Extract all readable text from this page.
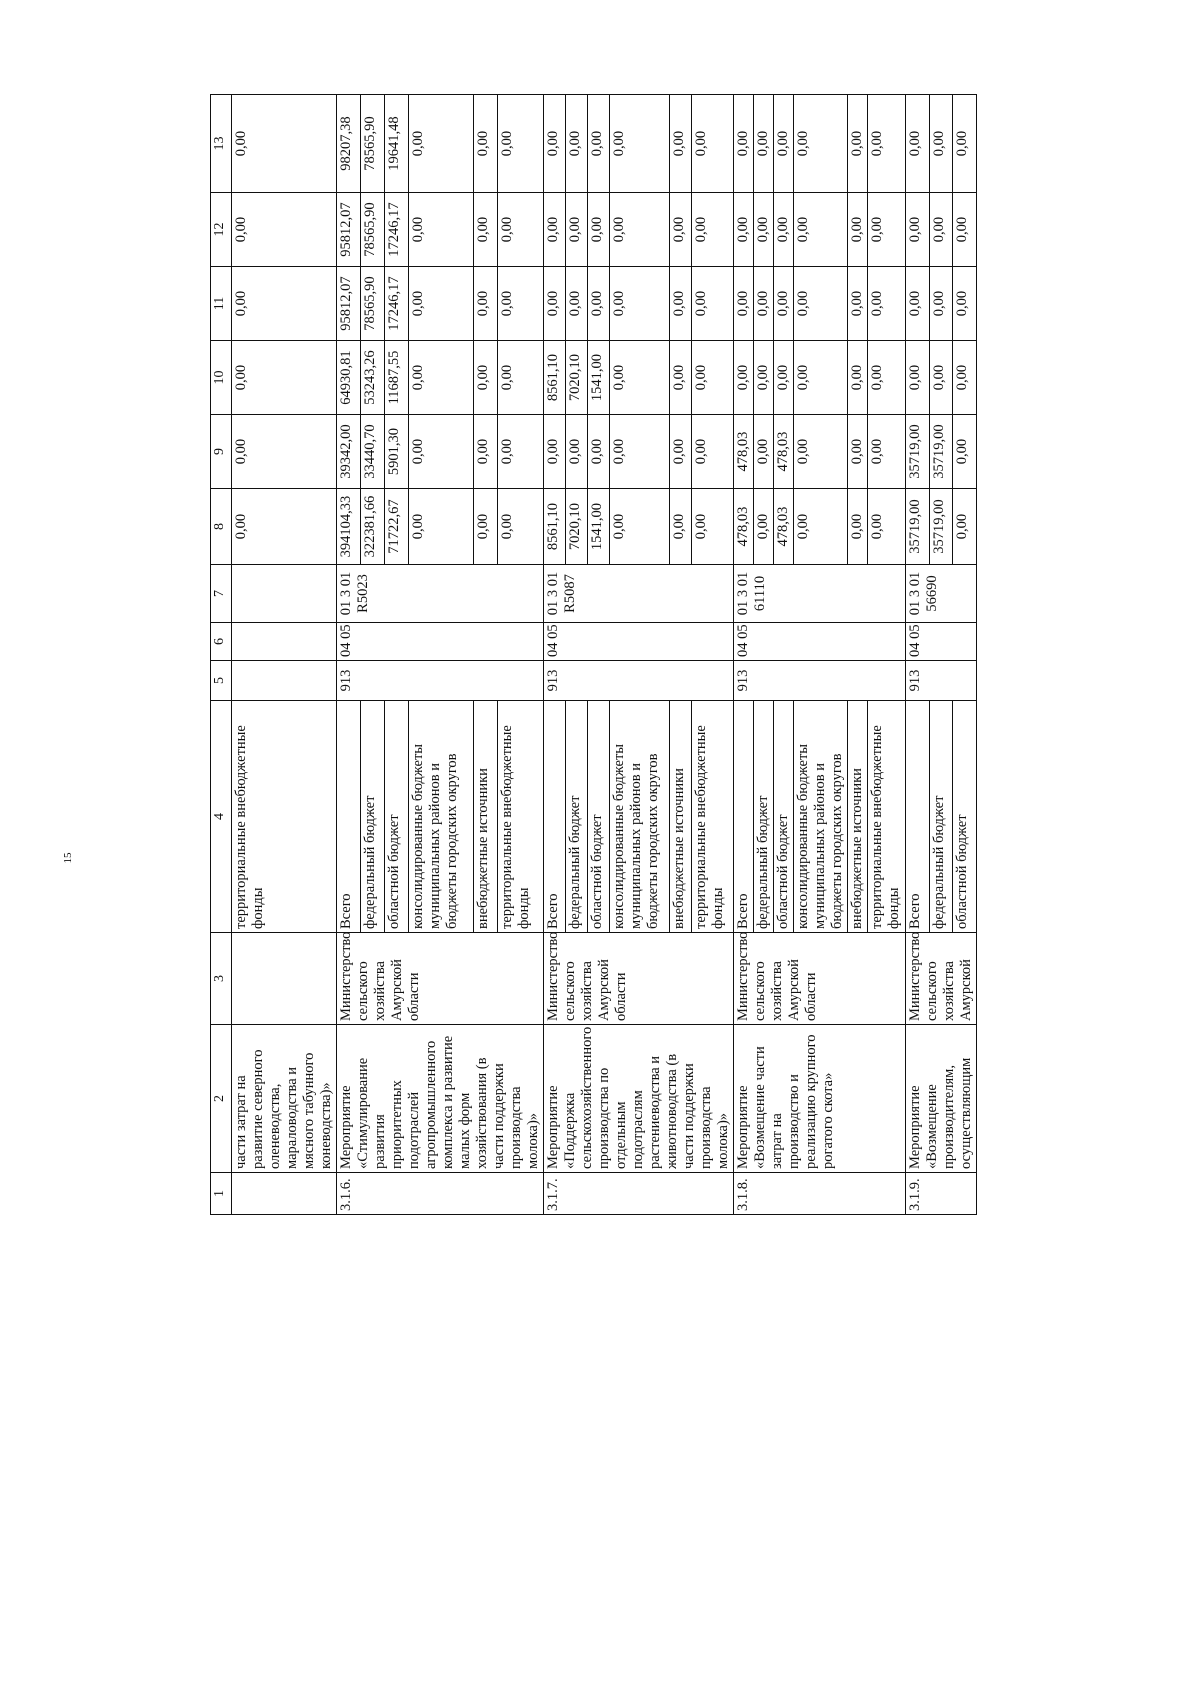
15
1	2	3	4	5	6	7	8	9	10	11	12	13
	части затрат на развитие северного оленеводства, мараловодства и мясного табунного коневодства)»		территориальные внебюджетные фонды				0,00	0,00	0,00	0,00	0,00	0,00
3.1.6.	Мероприятие «Стимулирование развития приоритетных подотраслей агропромышленного комплекса и развитие малых форм хозяйствования (в части поддержки производства молока)»	Министерство сельского хозяйства Амурской области	Всего	913	04 05	01 3 01 R5023	394104,33	39342,00	64930,81	95812,07	95812,07	98207,38
			федеральный бюджет				322381,66	33440,70	53243,26	78565,90	78565,90	78565,90
			областной бюджет				71722,67	5901,30	11687,55	17246,17	17246,17	19641,48
			консолидированные бюджеты муниципальных районов и бюджеты городских округов				0,00	0,00	0,00	0,00	0,00	0,00
			внебюджетные источники				0,00	0,00	0,00	0,00	0,00	0,00
			территориальные внебюджетные фонды				0,00	0,00	0,00	0,00	0,00	0,00
3.1.7.	Мероприятие «Поддержка сельскохозяйственного производства по отдельным подотраслям растениеводства и животноводства (в части поддержки производства молока)»	Министерство сельского хозяйства Амурской области	Всего	913	04 05	01 3 01 R5087	8561,10	0,00	8561,10	0,00	0,00	0,00
			федеральный бюджет				7020,10	0,00	7020,10	0,00	0,00	0,00
			областной бюджет				1541,00	0,00	1541,00	0,00	0,00	0,00
			консолидированные бюджеты муниципальных районов и бюджеты городских округов				0,00	0,00	0,00	0,00	0,00	0,00
			внебюджетные источники				0,00	0,00	0,00	0,00	0,00	0,00
			территориальные внебюджетные фонды				0,00	0,00	0,00	0,00	0,00	0,00
3.1.8.	Мероприятие «Возмещение части затрат на производство и реализацию крупного рогатого скота»	Министерство сельского хозяйства Амурской области	Всего	913	04 05	01 3 01 61110	478,03	478,03	0,00	0,00	0,00	0,00
			федеральный бюджет				0,00	0,00	0,00	0,00	0,00	0,00
			областной бюджет				478,03	478,03	0,00	0,00	0,00	0,00
			консолидированные бюджеты муниципальных районов и бюджеты городских округов				0,00	0,00	0,00	0,00	0,00	0,00
			внебюджетные источники				0,00	0,00	0,00	0,00	0,00	0,00
			территориальные внебюджетные фонды				0,00	0,00	0,00	0,00	0,00	0,00
3.1.9.	Мероприятие «Возмещение производителям, осуществляющим	Министерство сельского хозяйства Амурской	Всего	913	04 05	01 3 01 56690	35719,00	35719,00	0,00	0,00	0,00	0,00
			федеральный бюджет				35719,00	35719,00	0,00	0,00	0,00	0,00
			областной бюджет				0,00	0,00	0,00	0,00	0,00	0,00
